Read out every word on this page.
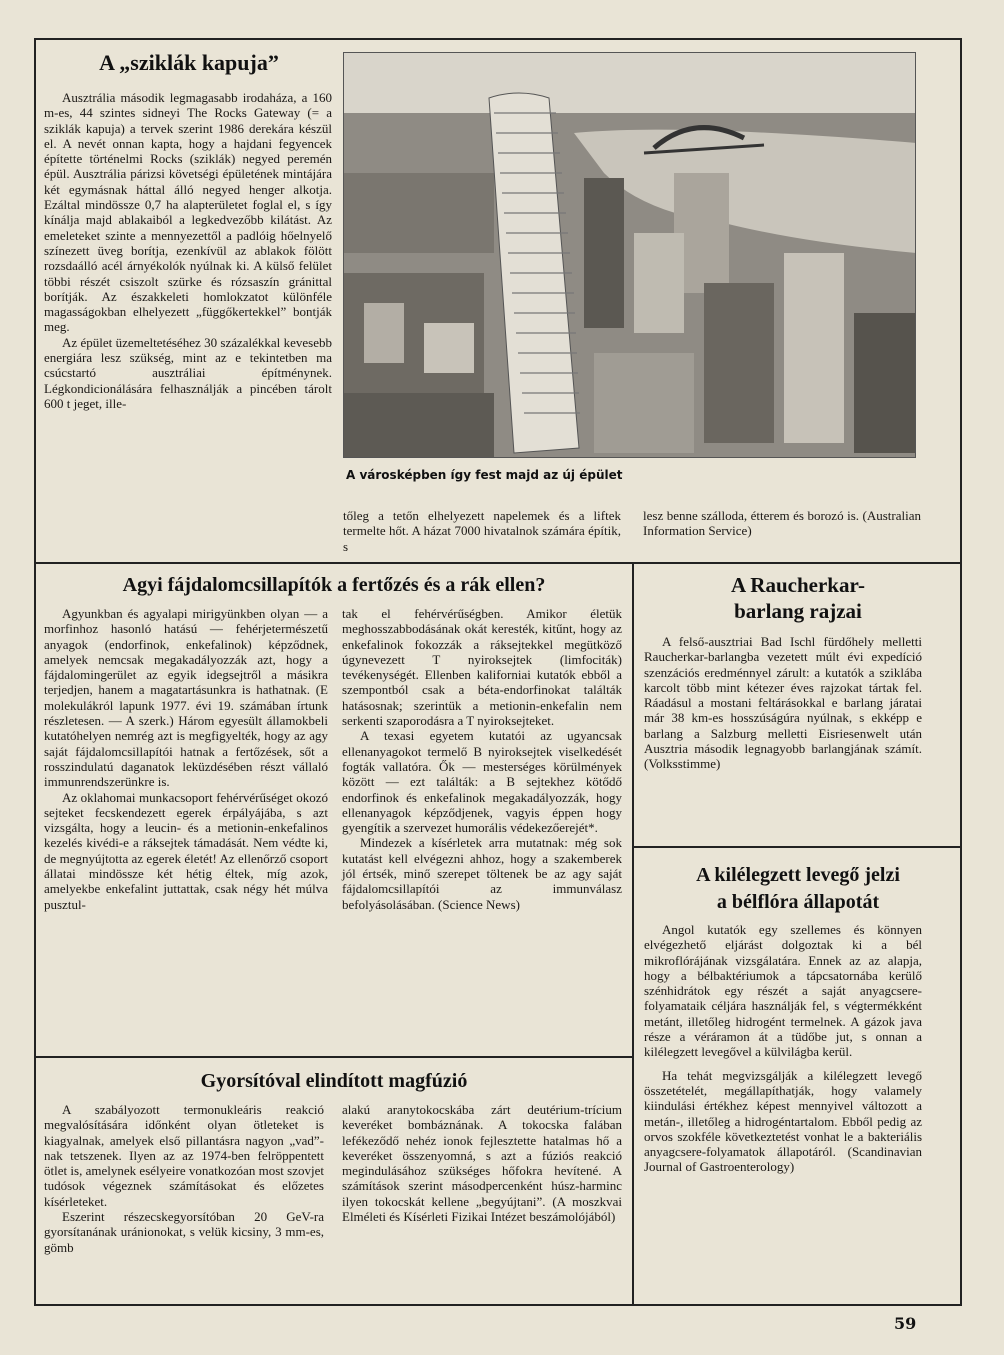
A „sziklák kapuja”

Ausztrália második legmagasabb irodaháza, a 160 m-es, 44 szintes sidneyi The Rocks Gateway (= a sziklák kapuja) a tervek szerint 1986 derekára készül el. A nevét onnan kapta, hogy a hajdani fegyencek építette történelmi Rocks (sziklák) negyed peremén épül. Ausztrália párizsi követségi épületének mintájára két egymásnak háttal álló negyed henger alkotja. Ezáltal mindössze 0,7 ha alapterületet foglal el, s így kínálja majd ablakaiból a legkedvezőbb kilátást. Az emeleteket szinte a mennyezettől a padlóig hőelnyelő színezett üveg borítja, ezenkívül az ablakok fölött rozsdaálló acél árnyékolók nyúlnak ki. A külső felület többi részét csiszolt szürke és rózsaszín gránittal borítják. Az északkeleti homlokzatot különféle magasságokban elhelyezett „függőkertekkel” bontják meg.

Az épület üzemeltetéséhez 30 százalékkal kevesebb energiára lesz szükség, mint az e tekintetben ma csúcstartó ausztráliai építménynek. Légkondicionálására felhasználják a pincében tárolt 600 t jeget, ille-

A városképben így fest majd az új épület

tőleg a tetőn elhelyezett napelemek és a liftek termelte hőt. A házat 7000 hivatalnok számára építik, s

lesz benne szálloda, étterem és borozó is. (Australian Information Service)

Agyi fájdalomcsillapítók a fertőzés és a rák ellen?

Agyunkban és agyalapi mirigyünkben olyan — a morfinhoz hasonló hatású — fehérjetermészetű anyagok (endorfinok, enkefalinok) képződnek, amelyek nemcsak megakadályozzák azt, hogy a fájdalomingerület az egyik idegsejtről a másikra terjedjen, hanem a magatartásunkra is hathatnak. (E molekulákról lapunk 1977. évi 19. számában írtunk részletesen. — A szerk.) Három egyesült államokbeli kutatóhelyen nemrég azt is megfigyelték, hogy az agy saját fájdalomcsillapítói hatnak a fertőzések, sőt a rosszindulatú daganatok leküzdésében részt vállaló immunrendszerünkre is.

Az oklahomai munkacsoport fehérvérűséget okozó sejteket fecskendezett egerek érpályájába, s azt vizsgálta, hogy a leucin- és a metionin-enkefalinos kezelés kivédi-e a ráksejtek támadását. Nem védte ki, de megnyújtotta az egerek életét! Az ellenőrző csoport állatai mindössze két hétig éltek, míg azok, amelyekbe enkefalint juttattak, csak négy hét múlva pusztul-

tak el fehérvérűségben. Amikor életük meghosszabbodásának okát keresték, kitűnt, hogy az enkefalinok fokozzák a ráksejtekkel megütköző úgynevezett T nyiroksejtek (limfociták) tevékenységét. Ellenben kaliforniai kutatók ebből a szempontból csak a béta-endorfinokat találták hatásosnak; szerintük a metionin-enkefalin nem serkenti szaporodásra a T nyiroksejteket.

A texasi egyetem kutatói az ugyancsak ellenanyagokot termelő B nyiroksejtek viselkedését fogták vallatóra. Ők — mesterséges körülmények között — ezt találták: a B sejtekhez kötődő endorfinok és enkefalinok megakadályozzák, hogy ellenanyagok képződjenek, vagyis éppen hogy gyengítik a szervezet humorális védekezőerejét*.

Mindezek a kísérletek arra mutatnak: még sok kutatást kell elvégezni ahhoz, hogy a szakemberek jól értsék, minő szerepet töltenek be az agy saját fájdalomcsillapítói az immunválasz befolyásolásában. (Science News)

A Raucherkar-
barlang rajzai

A felső-ausztriai Bad Ischl fürdőhely melletti Raucherkar-barlangba vezetett múlt évi expedíció szenzációs eredménnyel zárult: a kutatók a sziklába karcolt több mint kétezer éves rajzokat tártak fel. Ráadásul a mostani feltárásokkal e barlang járatai már 38 km-es hosszúságúra nyúlnak, s ekképp e barlang a Salzburg melletti Eisriesenwelt után Ausztria második legnagyobb barlangjának számít. (Volksstimme)

A kilélegzett levegő jelzi
a bélflóra állapotát

Angol kutatók egy szellemes és könnyen elvégezhető eljárást dolgoztak ki a bél mikroflórájának vizsgálatára. Ennek az az alapja, hogy a bélbaktériumok a tápcsatornába kerülő szénhidrátok egy részét a saját anyagcsere-folyamataik céljára használják fel, s végtermékként metánt, illetőleg hidrogént termelnek. A gázok java része a véráramon át a tüdőbe jut, s onnan a kilélegzett levegővel a külvilágba kerül.

Ha tehát megvizsgálják a kilélegzett levegő összetételét, megállapíthatják, hogy valamely kiindulási értékhez képest mennyivel változott a metán-, illetőleg a hidrogéntartalom. Ebből pedig az orvos szokféle következtetést vonhat le a bakteriális anyagcsere-folyamatok állapotáról. (Scandinavian Journal of Gastroenterology)

Gyorsítóval elindított magfúzió

A szabályozott termonukleáris reakció megvalósítására időnként olyan ötleteket is kiagyalnak, amelyek első pillantásra nagyon „vad”-nak tetszenek. Ilyen az az 1974-ben felröppentett ötlet is, amelynek esélyeire vonatkozóan most szovjet tudósok végeznek számításokat és előzetes kísérleteket.

Eszerint részecskegyorsítóban 20 GeV-ra gyorsítanának uránionokat, s velük kicsiny, 3 mm-es, gömb

alakú aranytokocskába zárt deutérium-trícium keveréket bombáznának. A tokocska falában lefékeződő nehéz ionok fejlesztette hatalmas hő a keveréket összenyomná, s azt a fúziós reakció megindulásához szükséges hőfokra hevítené. A számítások szerint másodpercenként húsz-harminc ilyen tokocskát kellene „begyújtani”. (A moszkvai Elméleti és Kísérleti Fizikai Intézet beszámolójából)

59
